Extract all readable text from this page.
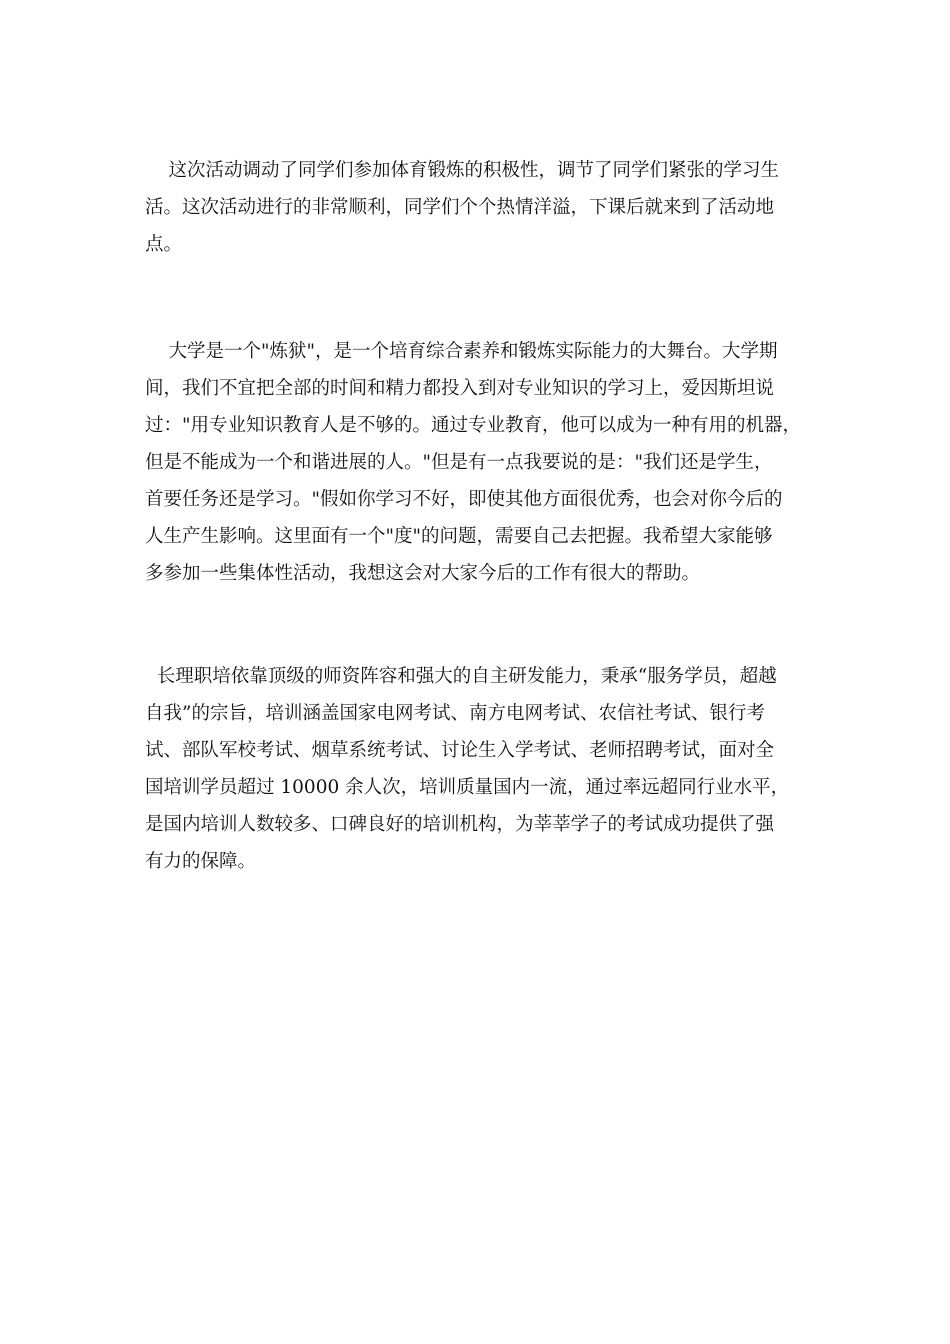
这次活动调动了同学们参加体育锻炼的积极性，调节了同学们紧张的学习生
活。这次活动进行的非常顺利，同学们个个热情洋溢，下课后就来到了活动地
点。
大学是一个"炼狱"，是一个培育综合素养和锻炼实际能力的大舞台。大学期
间，我们不宜把全部的时间和精力都投入到对专业知识的学习上，爱因斯坦说
过："用专业知识教育人是不够的。通过专业教育，他可以成为一种有用的机器，
但是不能成为一个和谐进展的人。"但是有一点我要说的是："我们还是学生，
首要任务还是学习。"假如你学习不好，即使其他方面很优秀，也会对你今后的
人生产生影响。这里面有一个"度"的问题，需要自己去把握。我希望大家能够
多参加一些集体性活动，我想这会对大家今后的工作有很大的帮助。
长理职培依靠顶级的师资阵容和强大的自主研发能力，秉承“服务学员，超越
自我”的宗旨，培训涵盖国家电网考试、南方电网考试、农信社考试、银行考
试、部队军校考试、烟草系统考试、讨论生入学考试、老师招聘考试，面对全
国培训学员超过 10000 余人次，培训质量国内一流，通过率远超同行业水平，
是国内培训人数较多、口碑良好的培训机构，为莘莘学子的考试成功提供了强
有力的保障。
